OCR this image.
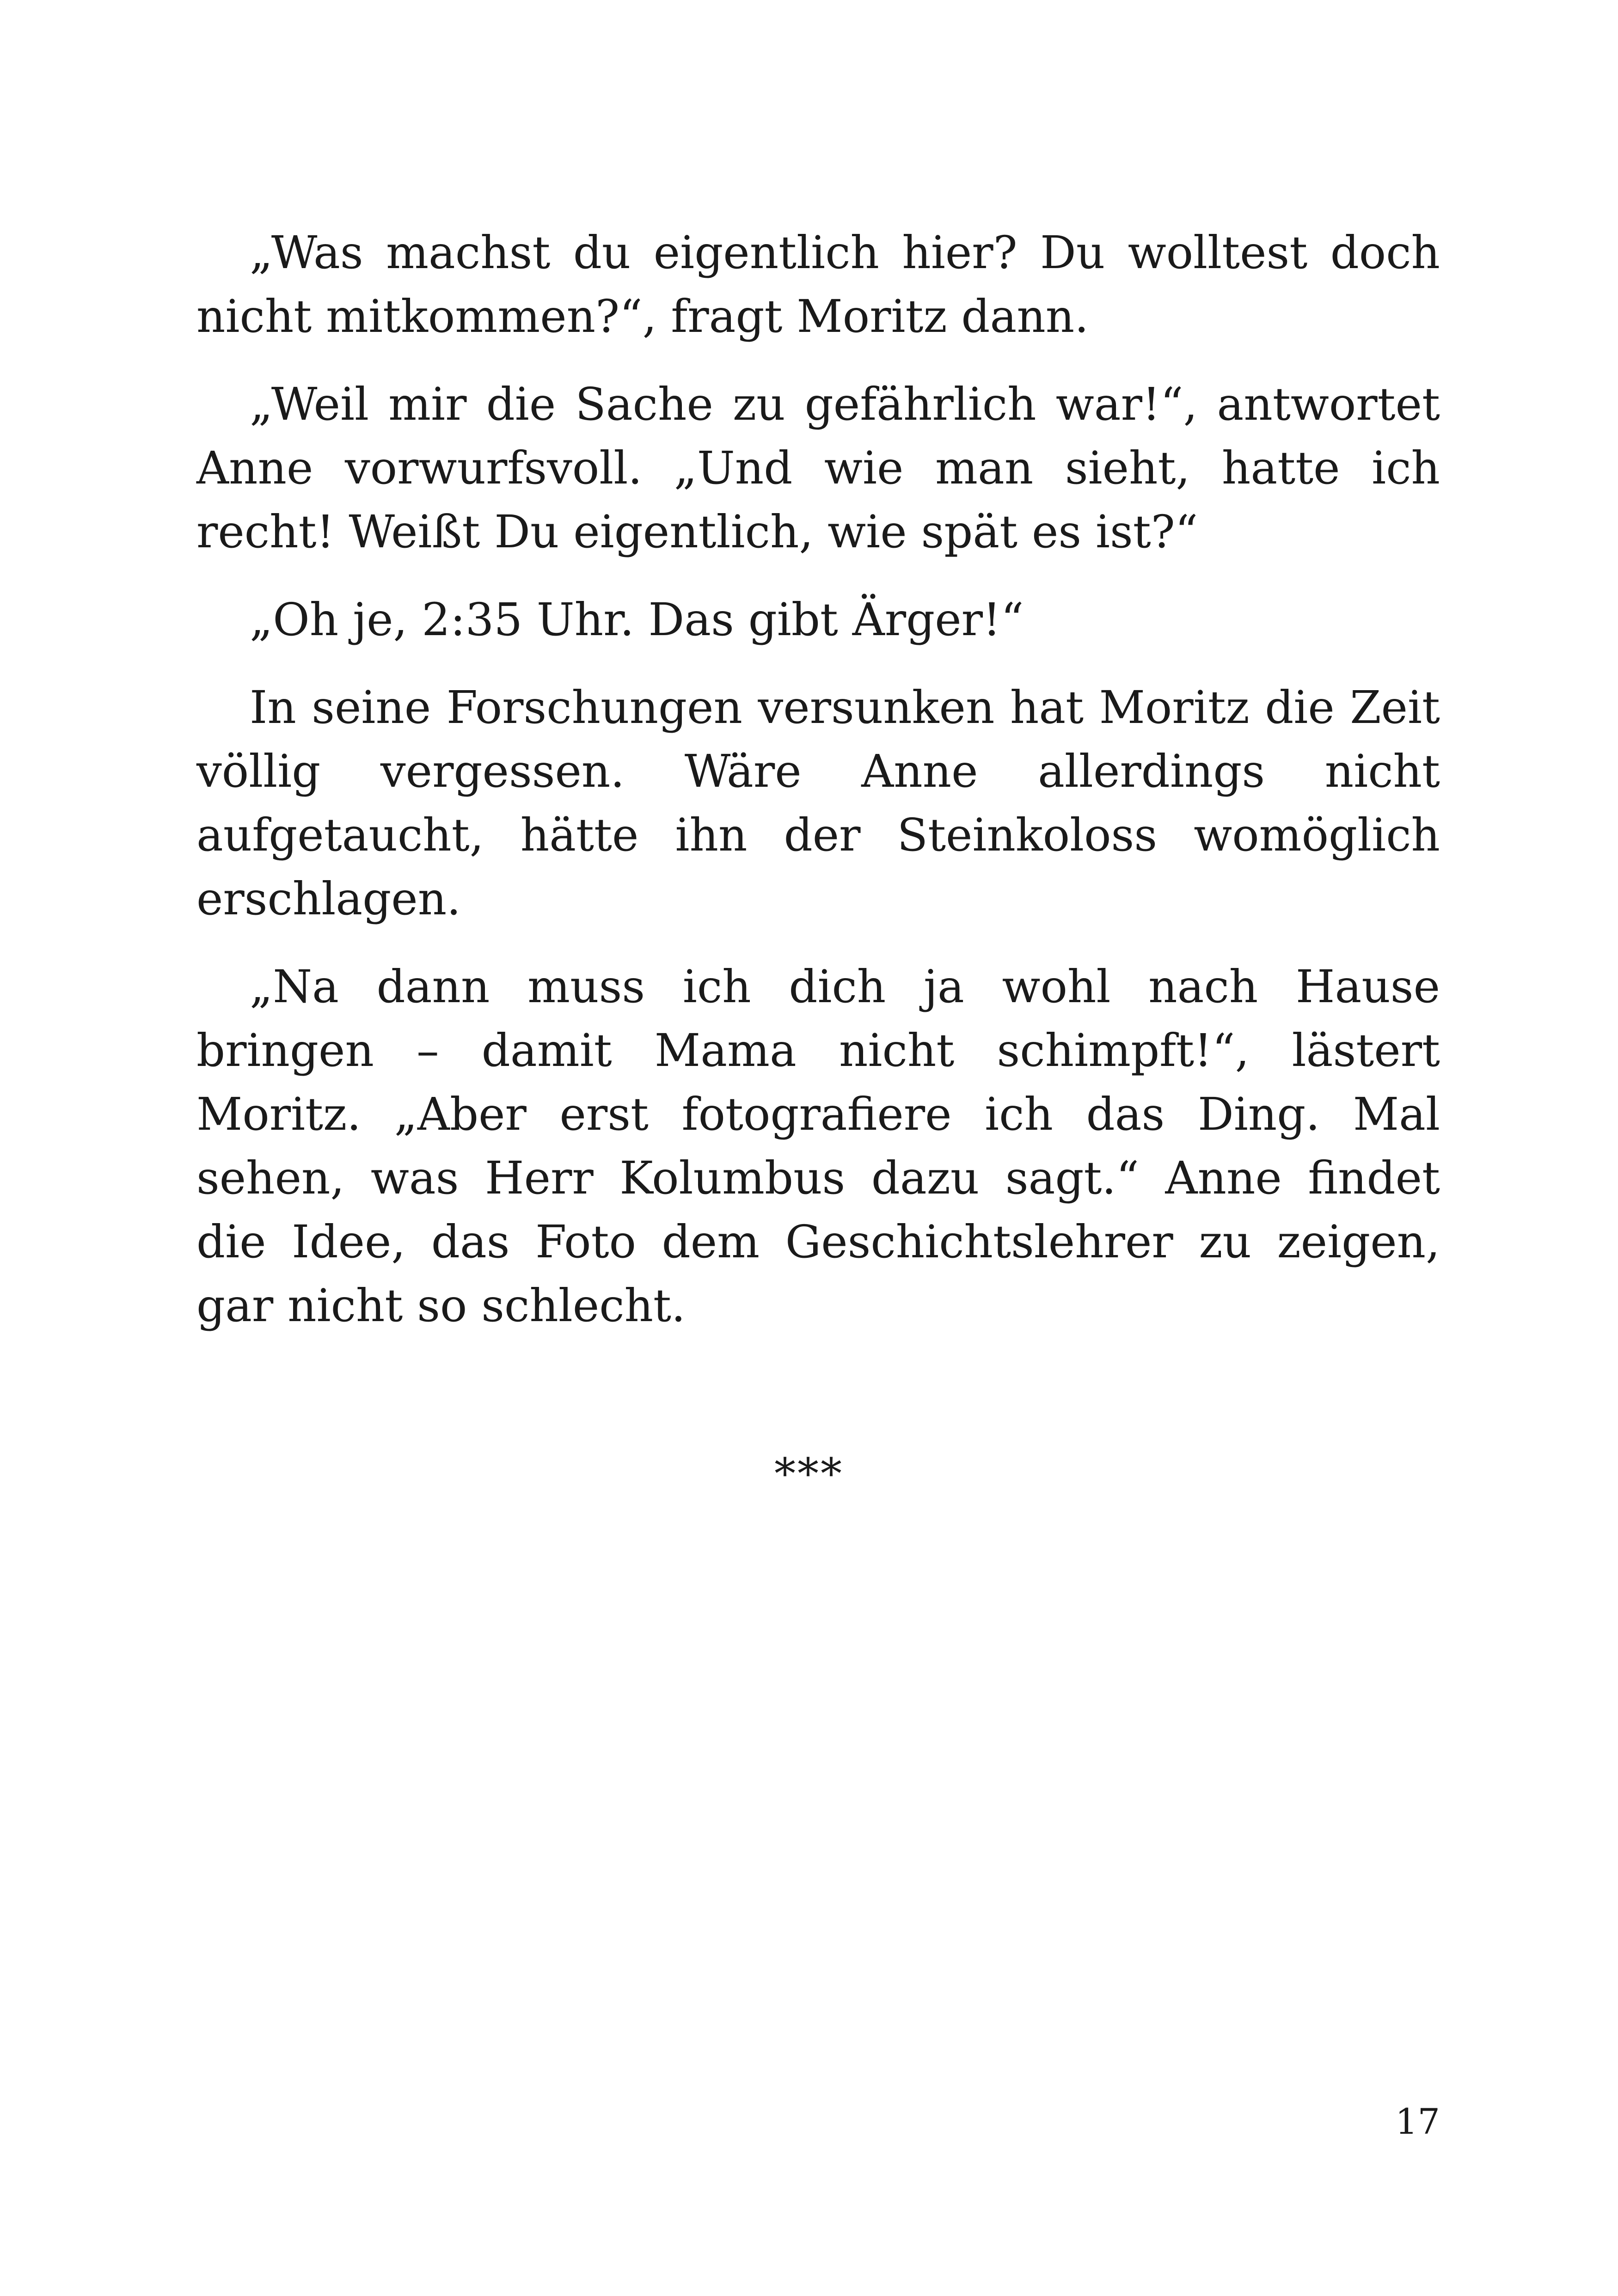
„Was machst du eigentlich hier? Du wolltest doch nicht mitkommen?“, fragt Moritz dann.

„Weil mir die Sache zu gefährlich war!“, antwortet Anne vorwurfsvoll. „Und wie man sieht, hatte ich recht! Weißt Du eigentlich, wie spät es ist?“

„Oh je, 2:35 Uhr. Das gibt Ärger!“

In seine Forschungen versunken hat Moritz die Zeit völlig vergessen. Wäre Anne allerdings nicht aufgetaucht, hätte ihn der Steinkoloss womöglich erschlagen.

„Na dann muss ich dich ja wohl nach Hause bringen – damit Mama nicht schimpft!“, lästert Moritz. „Aber erst fotografiere ich das Ding. Mal sehen, was Herr Kolumbus dazu sagt.“ Anne findet die Idee, das Foto dem Geschichtslehrer zu zeigen, gar nicht so schlecht.

***
17
